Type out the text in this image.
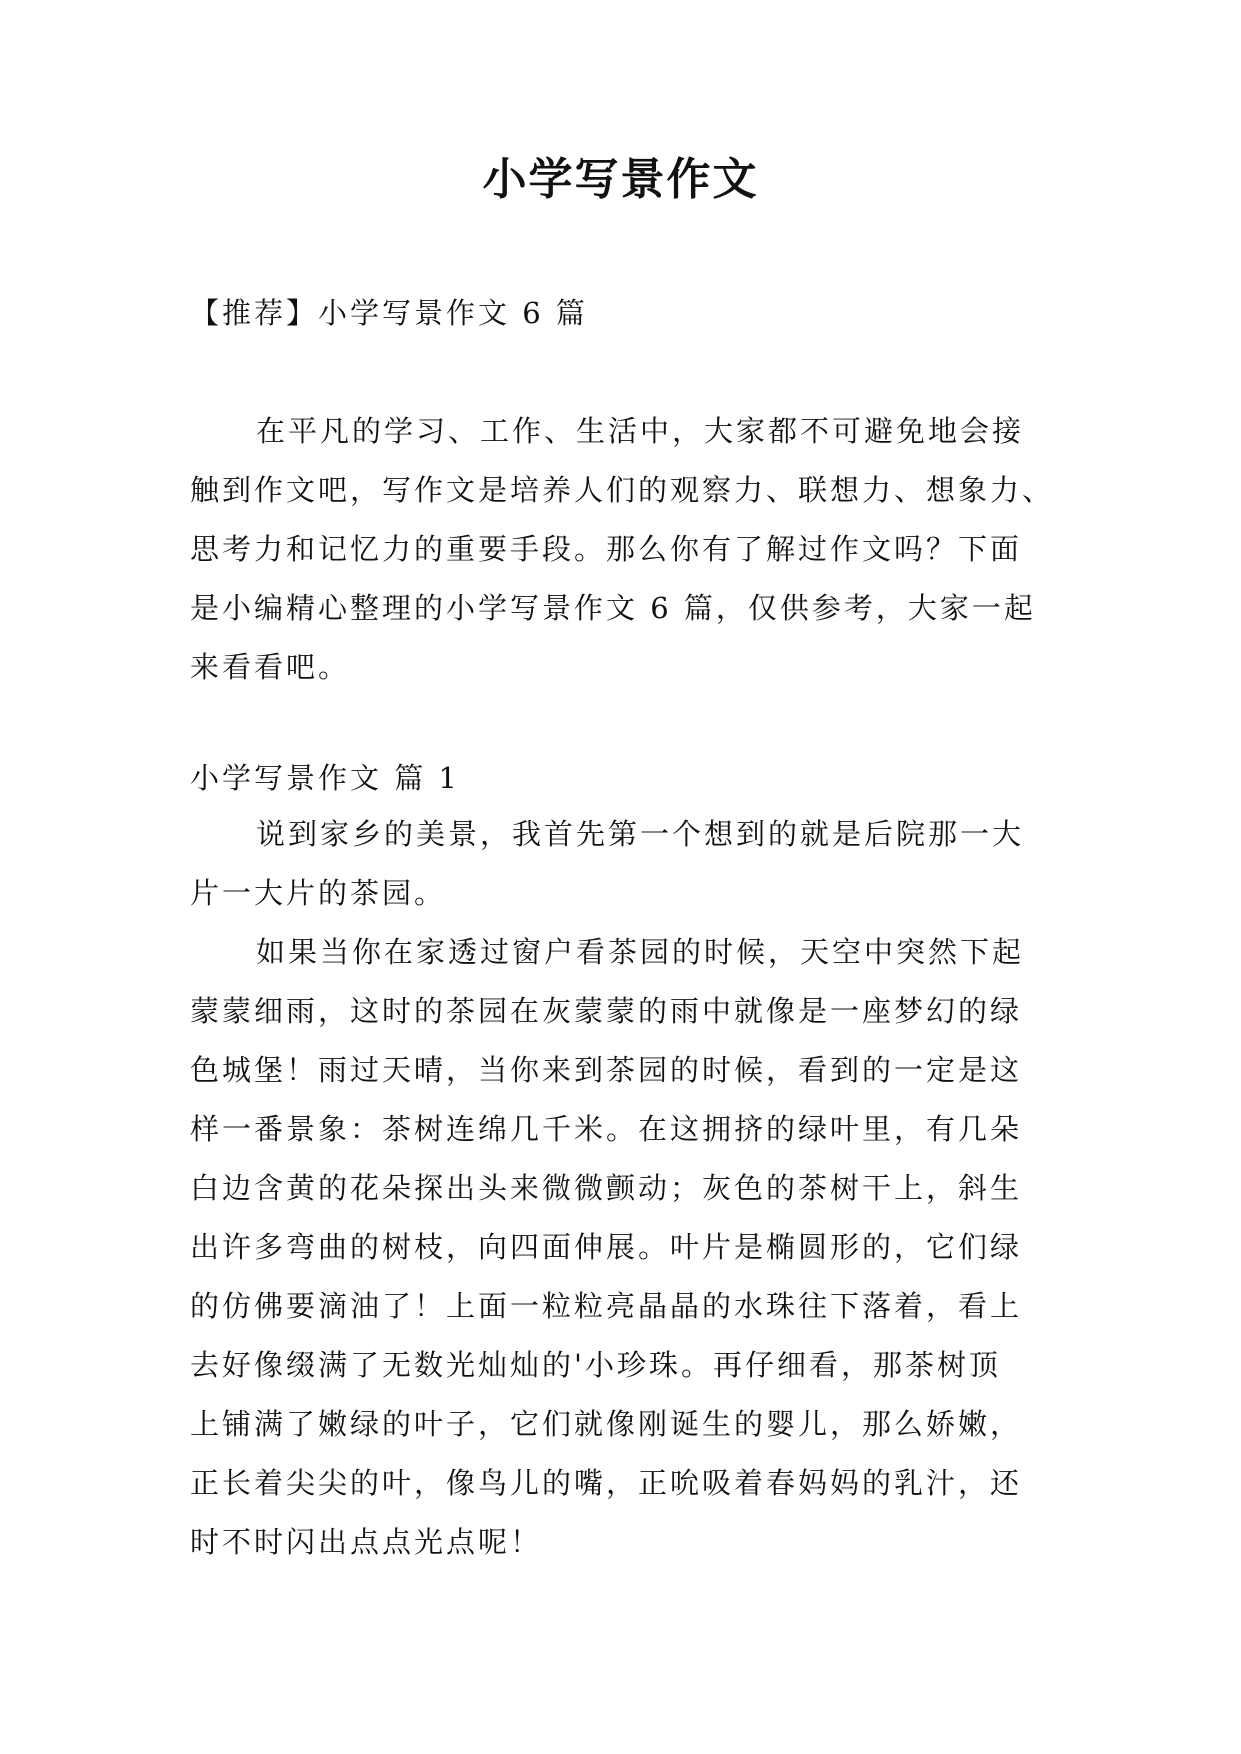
小学写景作文

【推荐】小学写景作文 6 篇

在平凡的学习、工作、生活中，大家都不可避免地会接
触到作文吧，写作文是培养人们的观察力、联想力、想象力、
思考力和记忆力的重要手段。那么你有了解过作文吗？下面
是小编精心整理的小学写景作文 6 篇，仅供参考，大家一起
来看看吧。

小学写景作文 篇 1

说到家乡的美景，我首先第一个想到的就是后院那一大
片一大片的茶园。
如果当你在家透过窗户看茶园的时候，天空中突然下起
蒙蒙细雨，这时的茶园在灰蒙蒙的雨中就像是一座梦幻的绿
色城堡！雨过天晴，当你来到茶园的时候，看到的一定是这
样一番景象：茶树连绵几千米。在这拥挤的绿叶里，有几朵
白边含黄的花朵探出头来微微颤动；灰色的茶树干上，斜生
出许多弯曲的树枝，向四面伸展。叶片是椭圆形的，它们绿
的仿佛要滴油了！上面一粒粒亮晶晶的水珠往下落着，看上
去好像缀满了无数光灿灿的'小珍珠。再仔细看，那茶树顶
上铺满了嫩绿的叶子，它们就像刚诞生的婴儿，那么娇嫩，
正长着尖尖的叶，像鸟儿的嘴，正吮吸着春妈妈的乳汁，还
时不时闪出点点光点呢！
